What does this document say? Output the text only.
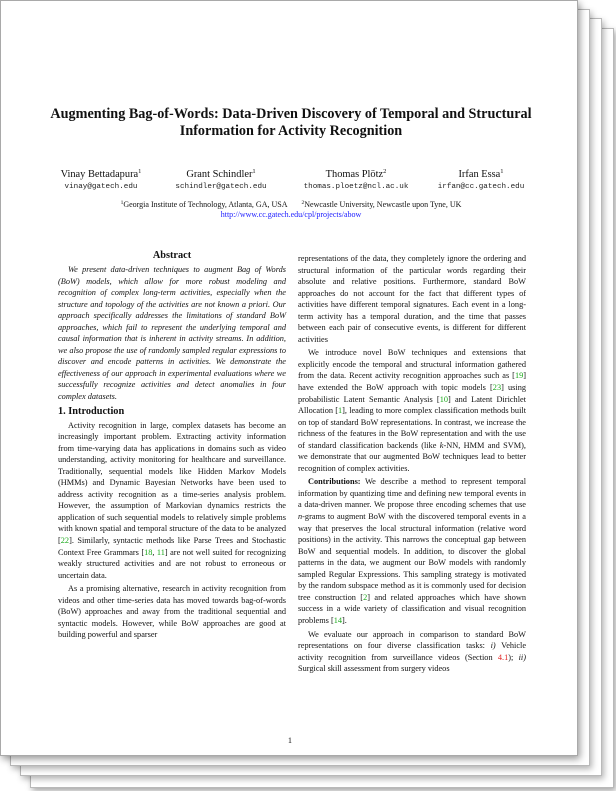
Augmenting Bag-of-Words: Data-Driven Discovery of Temporal and Structural
Information for Activity Recognition
Vinay Bettadapura$^1$
vinay@gatech.edu
Grant Schindler$^1$
schindler@gatech.edu
Thomas Plötz$^2$
thomas.ploetz@ncl.ac.uk
Irfan Essa$^1$
irfan@cc.gatech.edu
$^1$Georgia Institute of Technology, Atlanta, GA, USA	$^2$Newcastle University, Newcastle upon Tyne, UK
http://www.cc.gatech.edu/cpl/projects/abow

Abstract

We present data-driven techniques to augment Bag of Words (BoW) models, which allow for more robust modeling and recognition of complex long-term activities, especially when the structure and topology of the activities are not known a priori. Our approach specifically addresses the limitations of standard BoW approaches, which fail to represent the underlying temporal and causal information that is inherent in activity streams. In addition, we also propose the use of randomly sampled regular expressions to discover and encode patterns in activities. We demonstrate the effectiveness of our approach in experimental evaluations where we successfully recognize activities and detect anomalies in four complex datasets.

1. Introduction

Activity recognition in large, complex datasets has become an increasingly important problem. Extracting activity information from time-varying data has applications in domains such as video understanding, activity monitoring for healthcare and surveillance. Traditionally, sequential models like Hidden Markov Models (HMMs) and Dynamic Bayesian Networks have been used to address activity recognition as a time-series analysis problem. However, the assumption of Markovian dynamics restricts the application of such sequential models to relatively simple problems with known spatial and temporal structure of the data to be analyzed [22]. Similarly, syntactic methods like Parse Trees and Stochastic Context Free Grammars [18, 11] are not well suited for recognizing weakly structured activities and are not robust to erroneous or uncertain data.

As a promising alternative, research in activity recognition from videos and other time-series data has moved towards bag-of-words (BoW) approaches and away from the traditional sequential and syntactic models. However, while BoW approaches are good at building powerful and sparser

representations of the data, they completely ignore the ordering and structural information of the particular words regarding their absolute and relative positions. Furthermore, standard BoW approaches do not account for the fact that different types of activities have different temporal signatures. Each event in a long-term activity has a temporal duration, and the time that passes between each pair of consecutive events, is different for different activities

We introduce novel BoW techniques and extensions that explicitly encode the temporal and structural information gathered from the data. Recent activity recognition approaches such as [19] have extended the BoW approach with topic models [23] using probabilistic Latent Semantic Analysis [10] and Latent Dirichlet Allocation [1], leading to more complex classification methods built on top of standard BoW representations. In contrast, we increase the richness of the features in the BoW representation and with the use of standard classification backends (like k-NN, HMM and SVM), we demonstrate that our augmented BoW techniques lead to better recognition of complex activities.

Contributions: We describe a method to represent temporal information by quantizing time and defining new temporal events in a data-driven manner. We propose three encoding schemes that use n-grams to augment BoW with the discovered temporal events in a way that preserves the local structural information (relative word positions) in the activity. This narrows the conceptual gap between BoW and sequential models. In addition, to discover the global patterns in the data, we augment our BoW models with randomly sampled Regular Expressions. This sampling strategy is motivated by the random subspace method as it is commonly used for decision tree construction [2] and related approaches which have shown success in a wide variety of classification and visual recognition problems [14].

We evaluate our approach in comparison to standard BoW representations on four diverse classification tasks: i) Vehicle activity recognition from surveillance videos (Section 4.1); ii) Surgical skill assessment from surgery videos

1
